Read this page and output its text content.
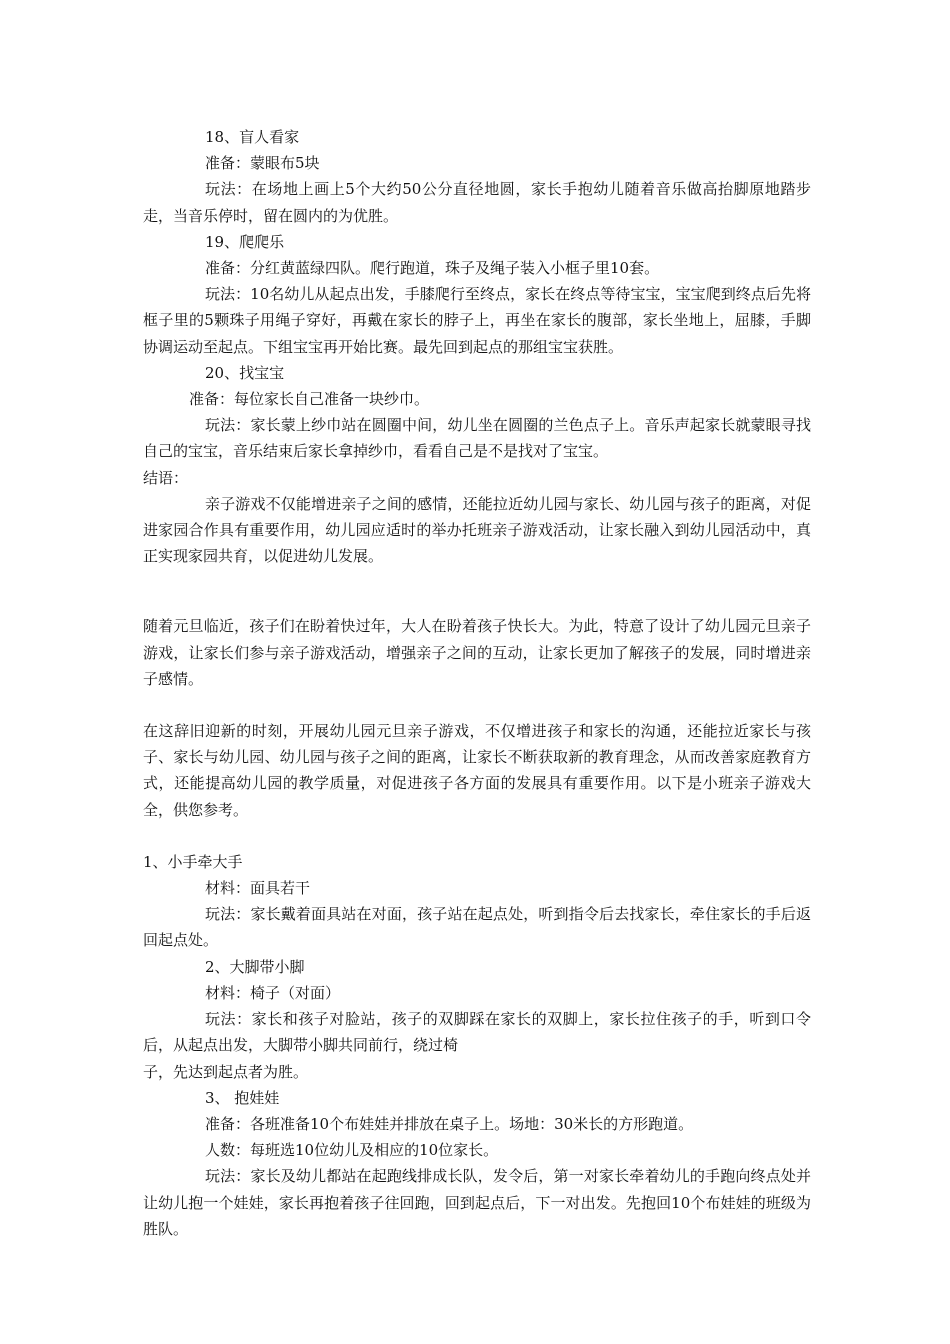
18、盲人看家

准备：蒙眼布5块

玩法：在场地上画上5个大约50公分直径地圆，家长手抱幼儿随着音乐做高抬脚原地踏步走，当音乐停时，留在圆内的为优胜。

19、爬爬乐

准备：分红黄蓝绿四队。爬行跑道，珠子及绳子装入小框子里10套。

玩法：10名幼儿从起点出发，手膝爬行至终点，家长在终点等待宝宝，宝宝爬到终点后先将框子里的5颗珠子用绳子穿好，再戴在家长的脖子上，再坐在家长的腹部，家长坐地上，屈膝，手脚协调运动至起点。下组宝宝再开始比赛。最先回到起点的那组宝宝获胜。

20、找宝宝

准备：每位家长自己准备一块纱巾。

玩法：家长蒙上纱巾站在圆圈中间，幼儿坐在圆圈的兰色点子上。音乐声起家长就蒙眼寻找自己的宝宝，音乐结束后家长拿掉纱巾，看看自己是不是找对了宝宝。

结语：

亲子游戏不仅能增进亲子之间的感情，还能拉近幼儿园与家长、幼儿园与孩子的距离，对促进家园合作具有重要作用，幼儿园应适时的举办托班亲子游戏活动，让家长融入到幼儿园活动中，真正实现家园共育，以促进幼儿发展。

随着元旦临近，孩子们在盼着快过年，大人在盼着孩子快长大。为此，特意了设计了幼儿园元旦亲子游戏，让家长们参与亲子游戏活动，增强亲子之间的互动，让家长更加了解孩子的发展，同时增进亲子感情。

在这辞旧迎新的时刻，开展幼儿园元旦亲子游戏，不仅增进孩子和家长的沟通，还能拉近家长与孩子、家长与幼儿园、幼儿园与孩子之间的距离，让家长不断获取新的教育理念，从而改善家庭教育方式，还能提高幼儿园的教学质量，对促进孩子各方面的发展具有重要作用。以下是小班亲子游戏大全，供您参考。

1、小手牵大手

材料：面具若干

玩法：家长戴着面具站在对面，孩子站在起点处，听到指令后去找家长，牵住家长的手后返回起点处。

2、大脚带小脚

材料：椅子（对面）

玩法：家长和孩子对脸站，孩子的双脚踩在家长的双脚上，家长拉住孩子的手，听到口令后，从起点出发，大脚带小脚共同前行，绕过椅

子，先达到起点者为胜。

3、 抱娃娃

准备：各班准备10个布娃娃并排放在桌子上。场地：30米长的方形跑道。

人数：每班选10位幼儿及相应的10位家长。

玩法：家长及幼儿都站在起跑线排成长队，发令后，第一对家长牵着幼儿的手跑向终点处并让幼儿抱一个娃娃，家长再抱着孩子往回跑，回到起点后，下一对出发。先抱回10个布娃娃的班级为胜队。
